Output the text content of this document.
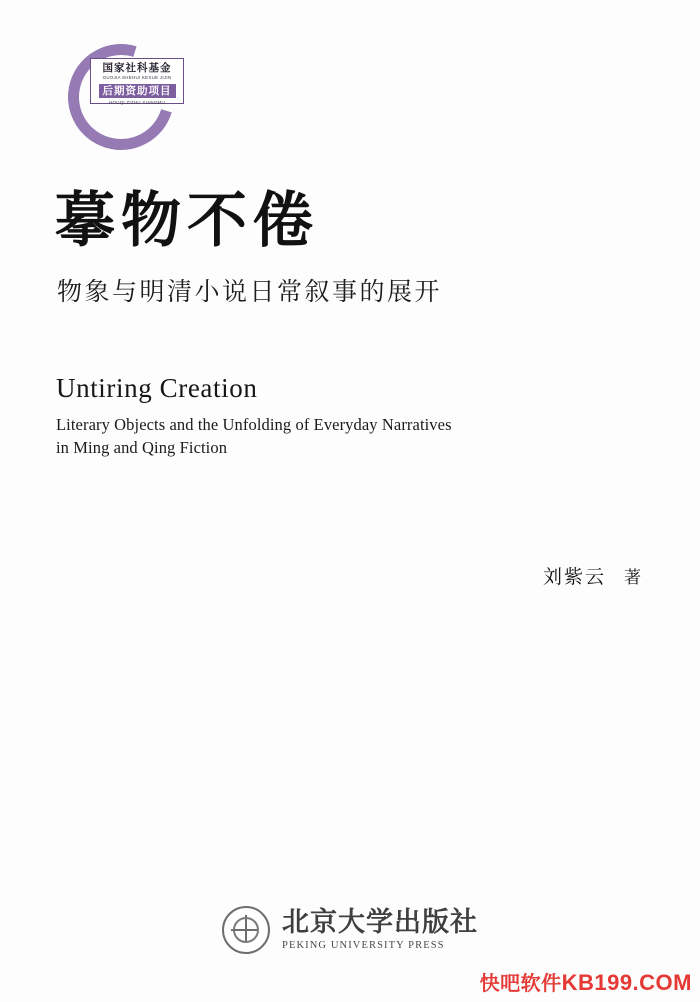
国家社科基金
GUOJIA SHEHUI KEXUE JIJIN
后期资助项目
HOUQI ZIZHU XIANGMU
摹物不倦
物象与明清小说日常叙事的展开
Untiring Creation
Literary Objects and the Unfolding of Everyday Narratives
in Ming and Qing Fiction
刘紫云 著
北京大学出版社
PEKING UNIVERSITY PRESS
快吧软件KB199.COM
